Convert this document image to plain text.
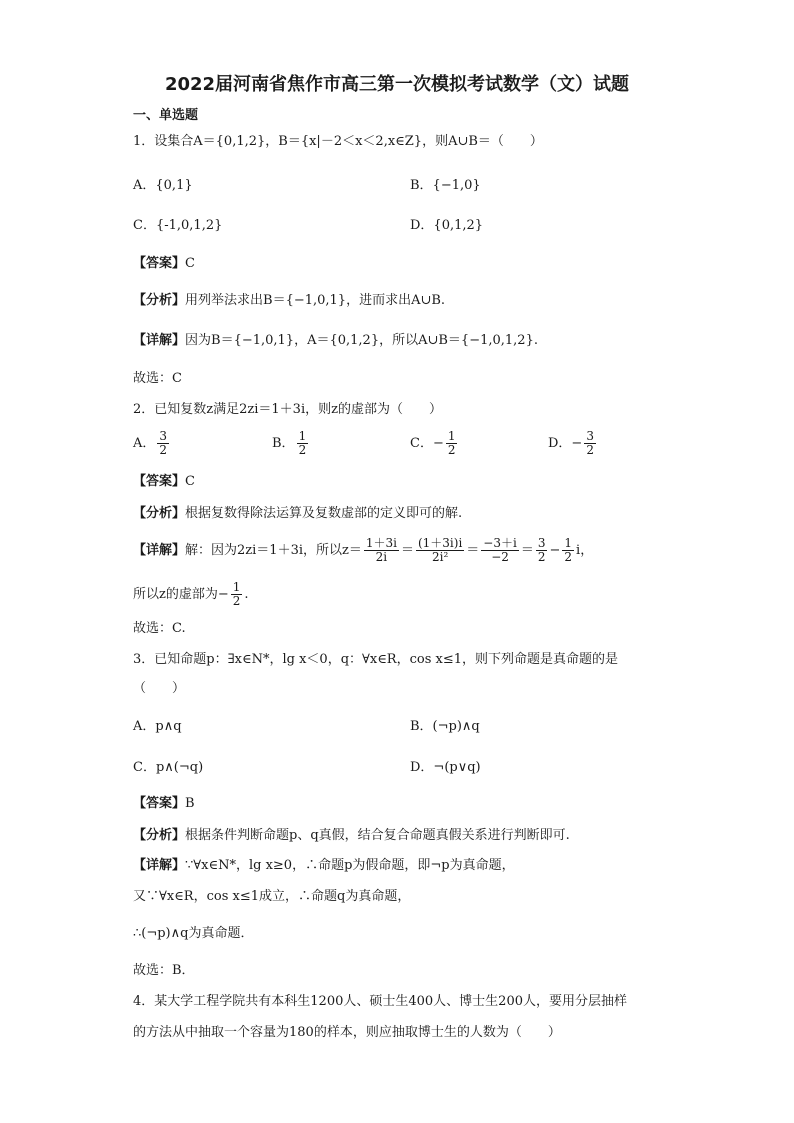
2022届河南省焦作市高三第一次模拟考试数学（文）试题
一、单选题
1．设集合A＝{0,1,2}，B＝{x|－2＜x＜2,x∈Z}，则A∪B＝（　　）
A．{0,1}	B．{−1,0}
C．{-1,0,1,2}	D．{0,1,2}
【答案】C
【分析】用列举法求出B＝{−1,0,1}，进而求出A∪B.
【详解】因为B＝{−1,0,1}，A＝{0,1,2}，所以A∪B＝{−1,0,1,2}.
故选：C
2．已知复数z满足2zi＝1＋3i，则z的虚部为（　　）
A． $\frac{3}{2}$	B． $\frac{1}{2}$	C．− $\frac{1}{2}$	D．− $\frac{3}{2}$
【答案】C
【分析】根据复数得除法运算及复数虚部的定义即可的解.
【详解】解：因为2zi＝1＋3i，所以$z= \frac{1+3i}{2i} = \frac{(1+3i)i}{\text{2i²}} = \frac{-3+i}{-2} = \frac{3}{2} - \frac{1}{2}$ i，
所以z的虚部为− $\frac{1}{2}$ .
故选：C.
3．已知命题p：∃x∈N*，lg x＜0，q：∀x∈R，cos x≤1，则下列命题是真命题的是
（　　）
A．p∧q	B．(¬p)∧q
C．p∧(¬q)	D．¬(p∨q)
【答案】B
【分析】根据条件判断命题p、q真假，结合复合命题真假关系进行判断即可.
【详解】∵∀x∈N*，lg x≥0，∴命题p为假命题，即¬p为真命题，
又∵∀x∈R，cos x≤1成立，∴命题q为真命题，
∴(¬p)∧q为真命题．
故选：B．
4．某大学工程学院共有本科生1200人、硕士生400人、博士生200人，要用分层抽样
的方法从中抽取一个容量为180的样本，则应抽取博士生的人数为（　　）
